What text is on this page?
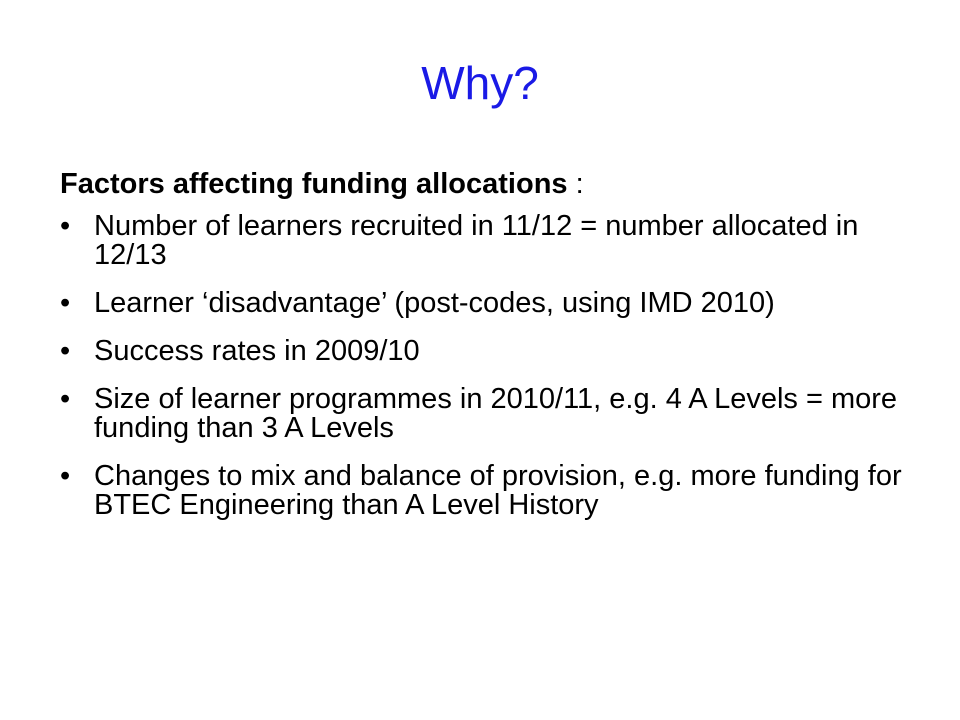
Why?

Factors affecting funding allocations :

• Number of learners recruited in 11/12 = number allocated in 12/13
• Learner ‘disadvantage’ (post-codes, using IMD 2010)
• Success rates in 2009/10
• Size of learner programmes in 2010/11, e.g. 4 A Levels = more funding than 3 A Levels
• Changes to mix and balance of provision, e.g. more funding for BTEC Engineering than A Level History
